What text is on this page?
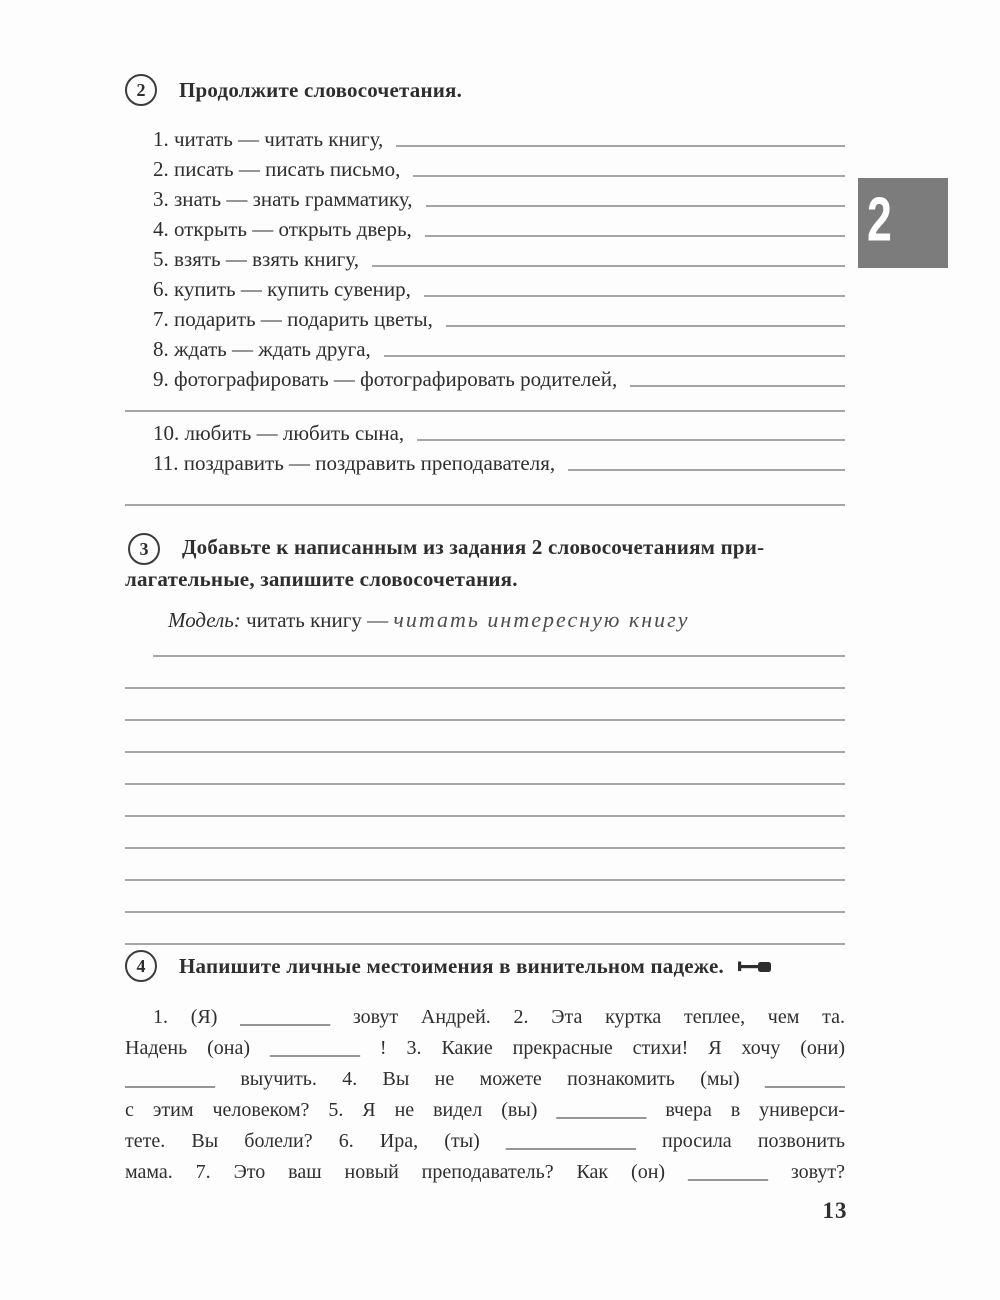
2	Продолжите словосочетания.
1. читать — читать книгу,
2. писать — писать письмо,
3. знать — знать грамматику,
4. открыть — открыть дверь,
5. взять — взять книгу,
6. купить — купить сувенир,
7. подарить — подарить цветы,
8. ждать — ждать друга,
9. фотографировать — фотографировать родителей,
10. любить — любить сына,
11. поздравить — поздравить преподавателя,
3	Добавьте к написанным из задания 2 словосочетаниям при-
лагательные, запишите словосочетания.
Модель: читать книгу — читать интересную книгу
4	Напишите личные местоимения в винительном падеже.
1. (Я) _________ зовут Андрей. 2. Эта куртка теплее, чем та.
Надень (она) _________ ! 3. Какие прекрасные стихи! Я хочу (они)
_________ выучить. 4. Вы не можете познакомить (мы) ________
с этим человеком? 5. Я не видел (вы) _________ вчера в универси-
тете. Вы болели? 6. Ира, (ты) _____________ просила позвонить
мама. 7. Это ваш новый преподаватель? Как (он) ________ зовут?
13
2
